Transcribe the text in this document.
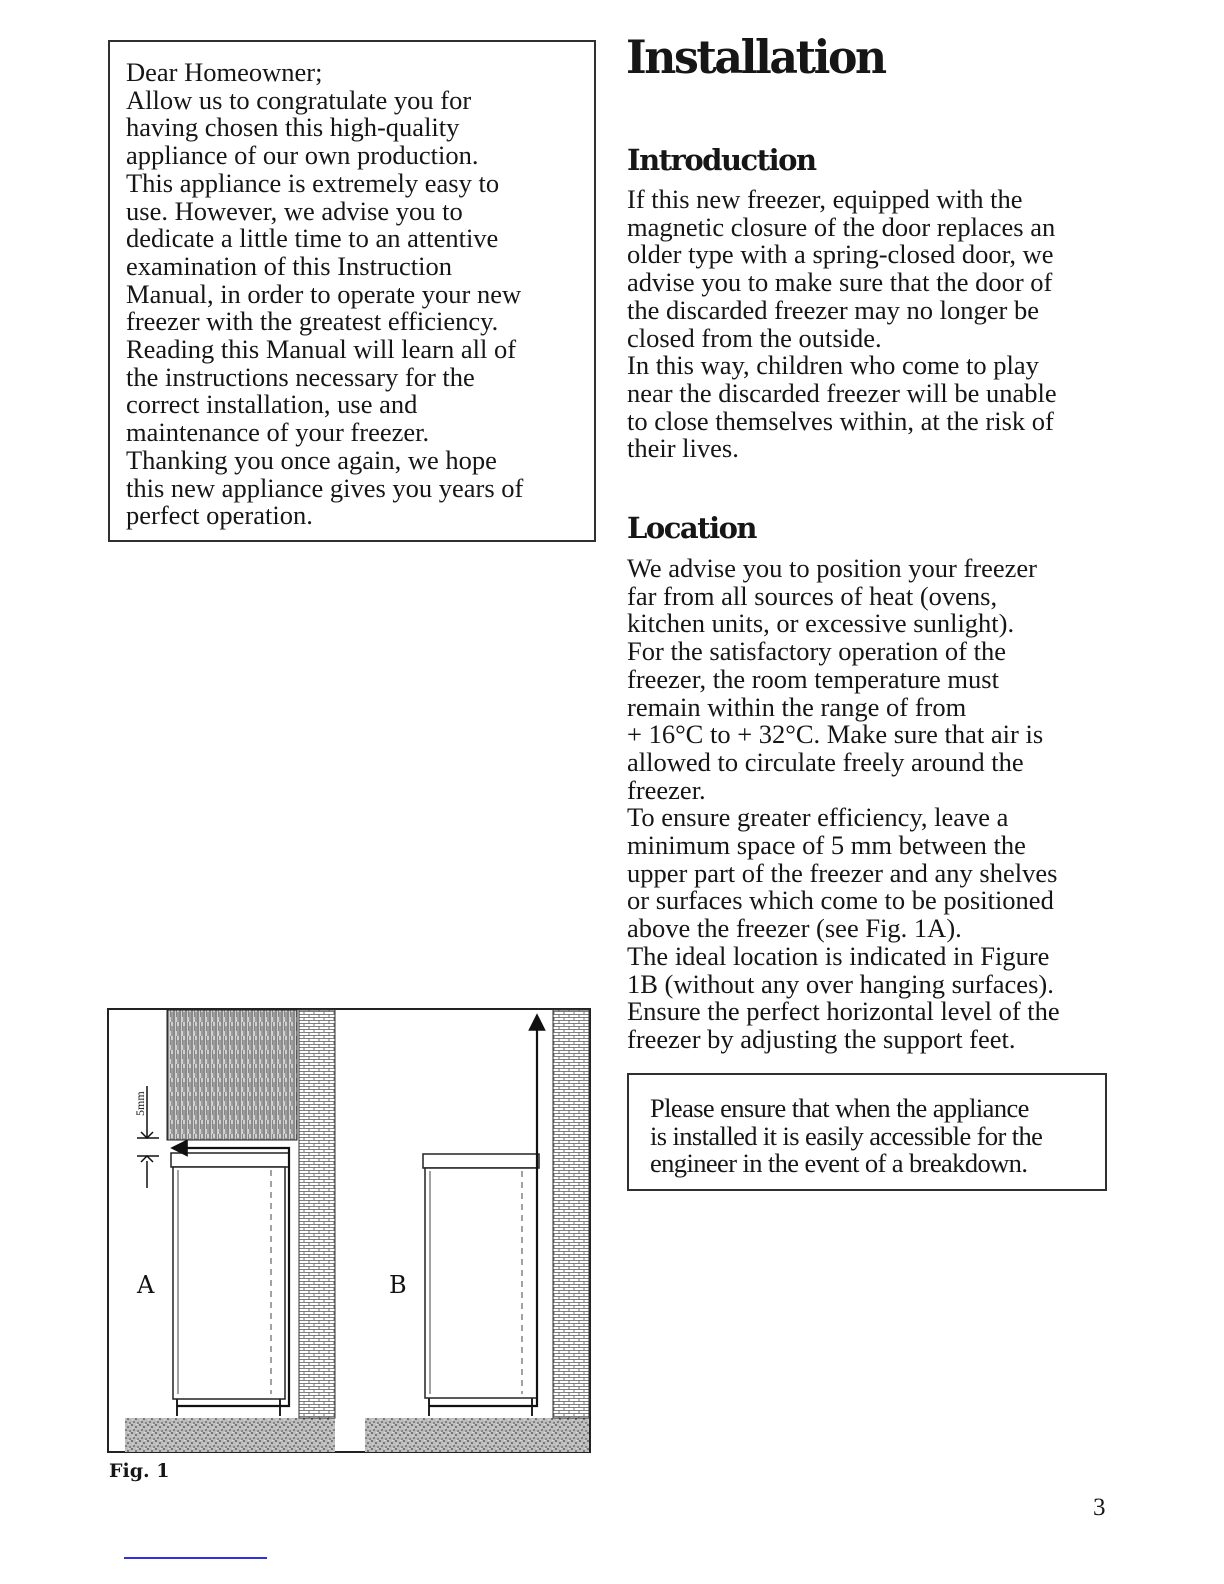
Dear Homeowner;
Allow us to congratulate you for
having chosen this high-quality
appliance of our own production.
This appliance is extremely easy to
use. However, we advise you to
dedicate a little time to an attentive
examination of this Instruction
Manual, in order to operate your new
freezer with the greatest efficiency.
Reading this Manual will learn all of
the instructions necessary for the
correct installation, use and
maintenance of your freezer.
Thanking you once again, we hope
this new appliance gives you years of
perfect operation.
Installation
Introduction
If this new freezer, equipped with the
magnetic closure of the door replaces an
older type with a spring-closed door, we
advise you to make sure that the door of
the discarded freezer may no longer be
closed from the outside.
In this way, children who come to play
near the discarded freezer will be unable
to close themselves within, at the risk of
their lives.
Location
We advise you to position your freezer
far from all sources of heat (ovens,
kitchen units, or excessive sunlight).
For the satisfactory operation of the
freezer, the room temperature must
remain within the range of from
+ 16°C to + 32°C. Make sure that air is
allowed to circulate freely around the
freezer.
To ensure greater efficiency, leave a
minimum space of 5 mm between the
upper part of the freezer and any shelves
or surfaces which come to be positioned
above the freezer (see Fig. 1A).
The ideal location is indicated in Figure
1B (without any over hanging surfaces).
Ensure the perfect horizontal level of the
freezer by adjusting the support feet.
Please ensure that when the appliance
is installed it is easily accessible for the
engineer in the event of a breakdown.
5mm
A	B

Fig. 1

3
